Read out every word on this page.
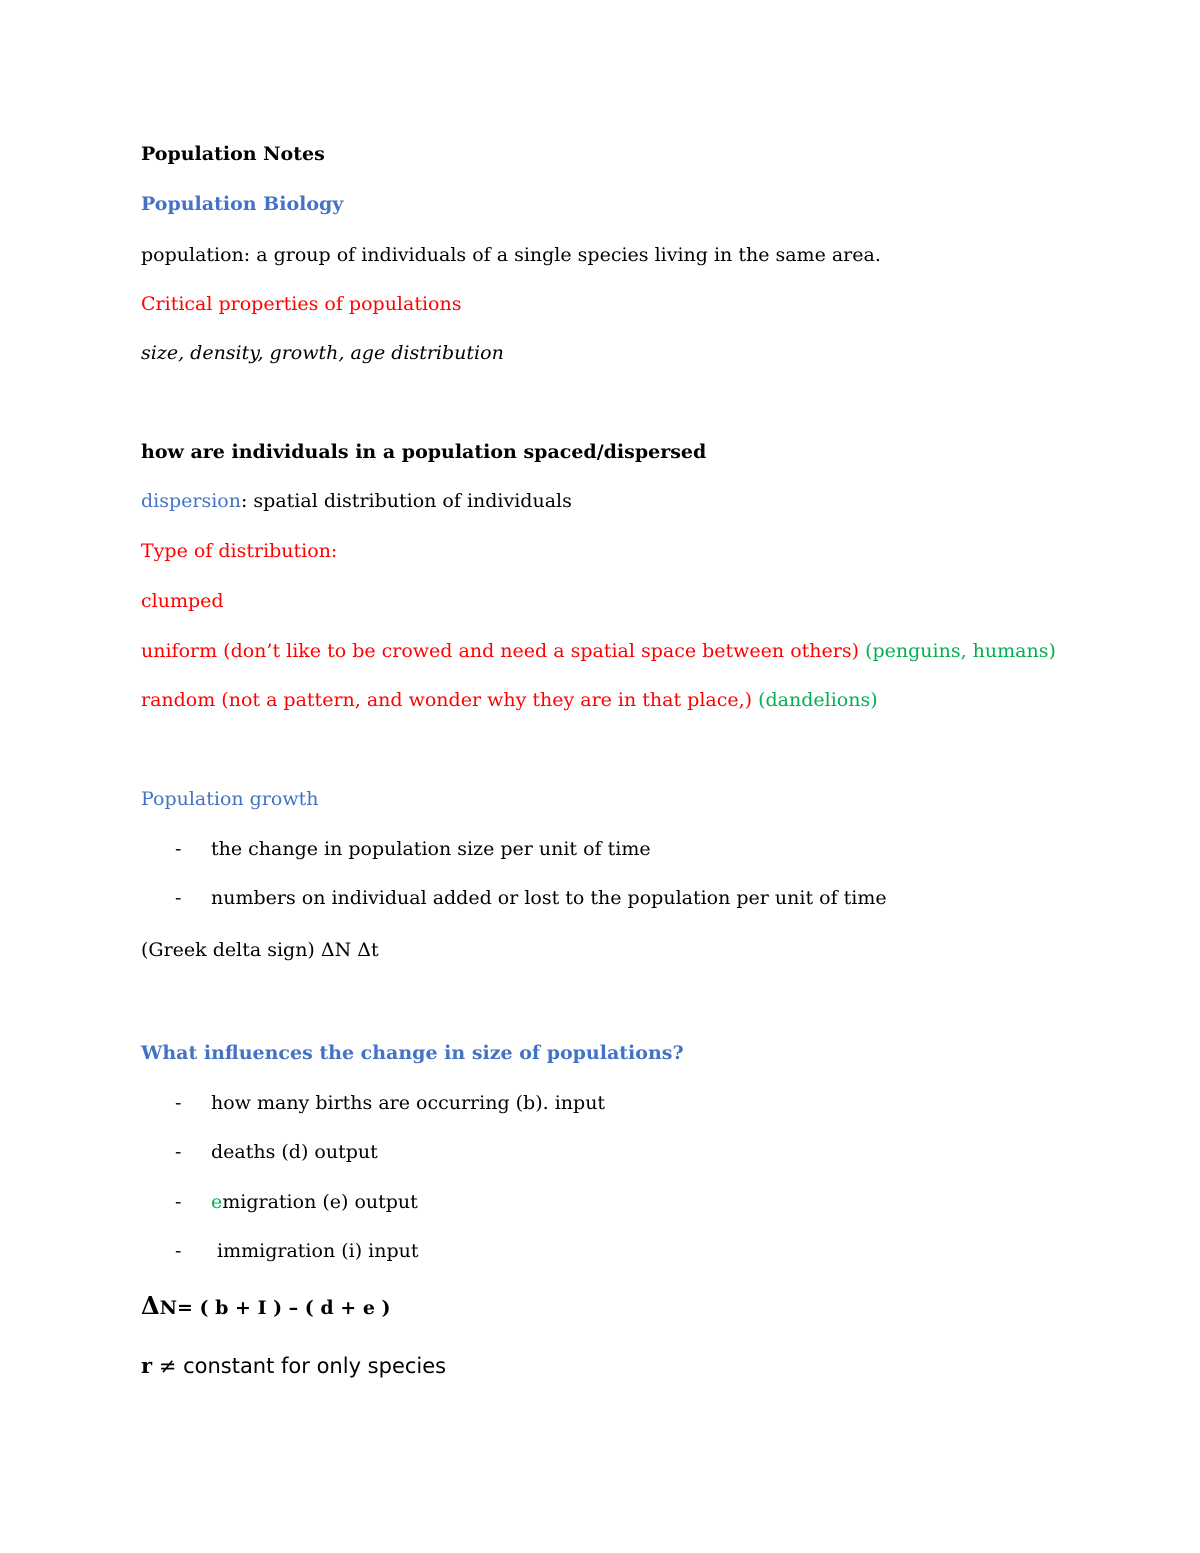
Population Notes
Population Biology
population: a group of individuals of a single species living in the same area.
Critical properties of populations
size, density, growth, age distribution
how are individuals in a population spaced/dispersed
dispersion: spatial distribution of individuals
Type of distribution:
clumped
uniform (don’t like to be crowed and need a spatial space between others) (penguins, humans)
random (not a pattern, and wonder why they are in that place,) (dandelions)
Population growth
- the change in population size per unit of time
- numbers on individual added or lost to the population per unit of time
(Greek delta sign) ΔN Δt
What influences the change in size of populations?
- how many births are occurring (b). input
- deaths (d) output
- emigration (e) output
- immigration (i) input
ΔN= ( b + I ) – ( d + e )
r ≠ constant for only species
